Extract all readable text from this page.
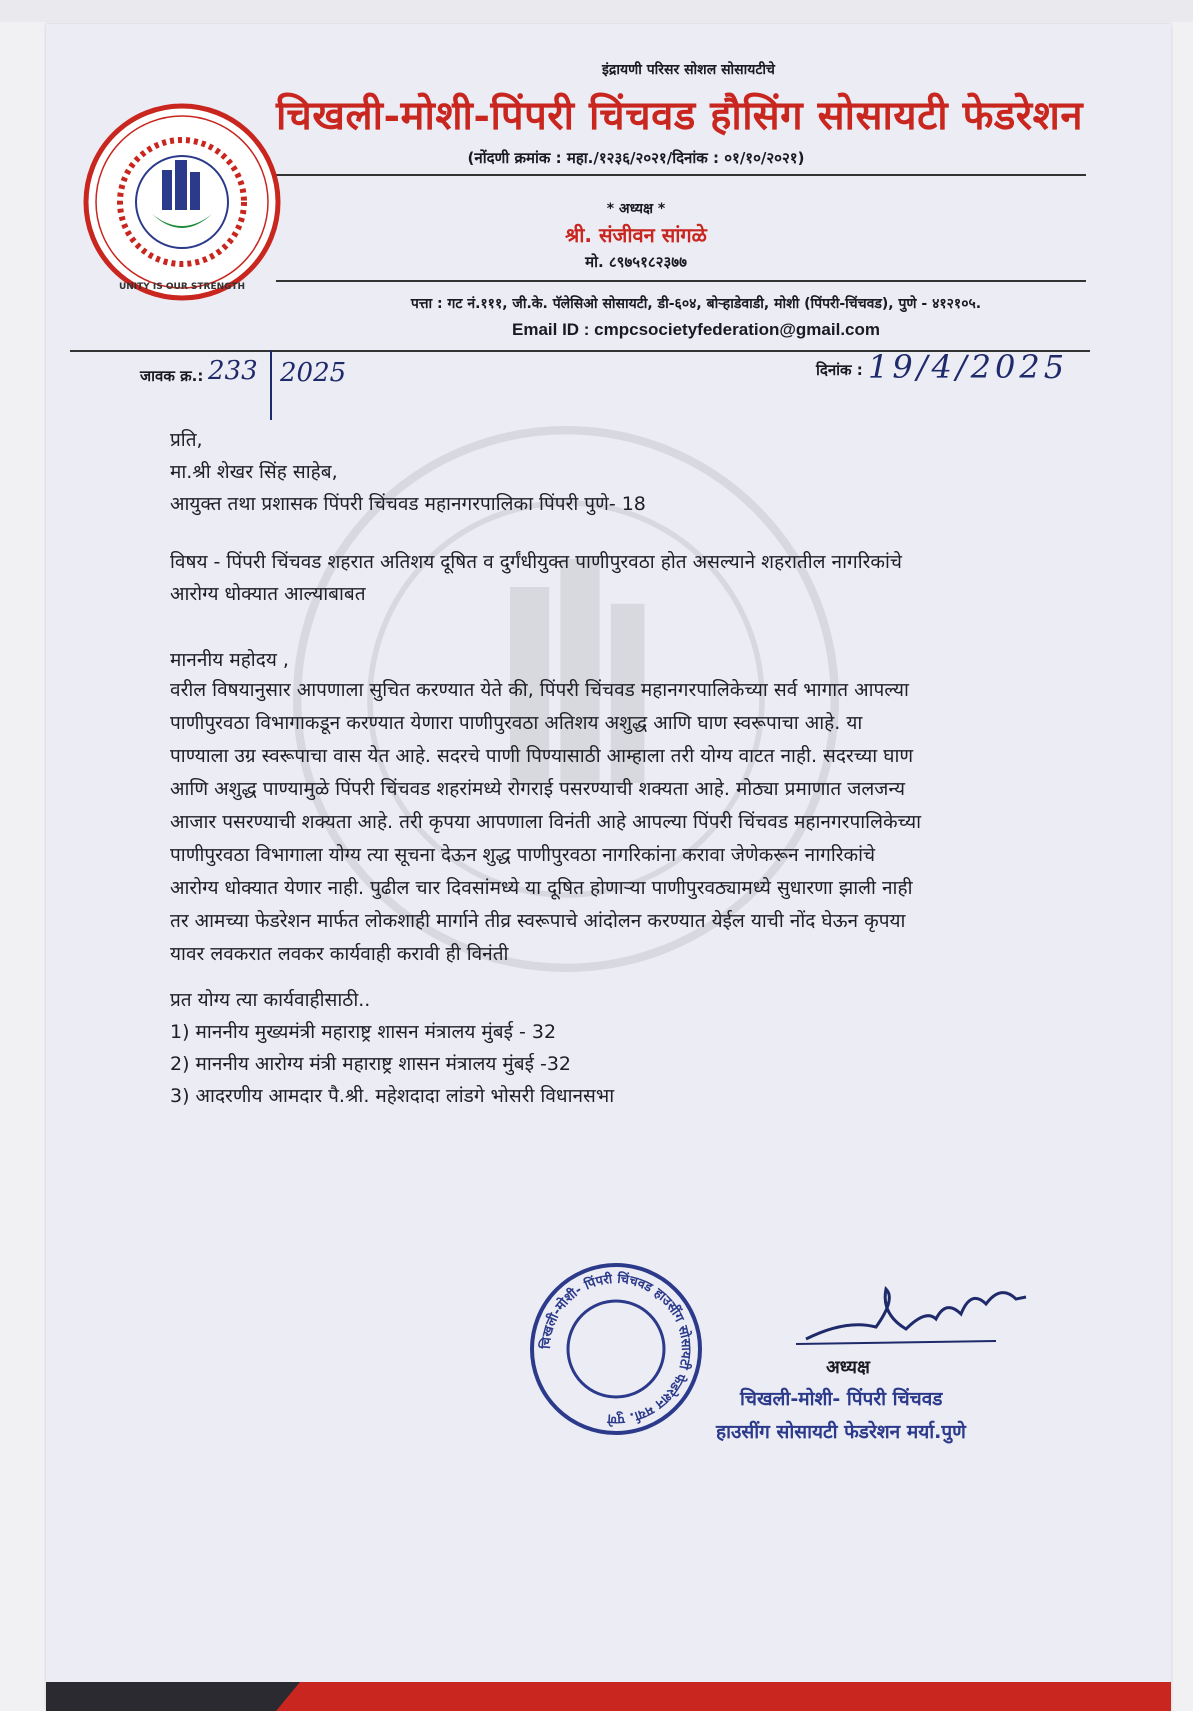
इंद्रायणी परिसर सोशल सोसायटीचे
चिखली-मोशी-पिंपरी चिंचवड हौसिंग सोसायटी फेडरेशन
(नोंदणी क्रमांक : महा./१२३६/२०२१/दिनांक : ०१/१०/२०२१)
* अध्यक्ष *
श्री. संजीवन सांगळे
मो. ८९७५१८२३७७
पत्ता : गट नं.१११, जी.के. पॅलेसिओ सोसायटी, डी-६०४, बोऱ्हाडेवाडी, मोशी (पिंपरी-चिंचवड), पुणे - ४१२१०५.
Email ID : cmpcsocietyfederation@gmail.com
UNITY IS OUR STRENGTH
जावक क्र.: 233 2025	दिनांक : 19/4/2025
प्रति,
मा.श्री शेखर सिंह साहेब,
आयुक्त तथा प्रशासक पिंपरी चिंचवड महानगरपालिका पिंपरी पुणे- 18
विषय - पिंपरी चिंचवड शहरात अतिशय दूषित व दुर्गंधीयुक्त पाणीपुरवठा होत असल्याने शहरातील नागरिकांचे
आरोग्य धोक्यात आल्याबाबत
माननीय महोदय ,
वरील विषयानुसार आपणाला सुचित करण्यात येते की, पिंपरी चिंचवड महानगरपालिकेच्या सर्व भागात आपल्या
पाणीपुरवठा विभागाकडून करण्यात येणारा पाणीपुरवठा अतिशय अशुद्ध आणि घाण स्वरूपाचा आहे. या
पाण्याला उग्र स्वरूपाचा वास येत आहे. सदरचे पाणी पिण्यासाठी आम्हाला तरी योग्य वाटत नाही. सदरच्या घाण
आणि अशुद्ध पाण्यामुळे पिंपरी चिंचवड शहरांमध्ये रोगराई पसरण्याची शक्यता आहे. मोठ्या प्रमाणात जलजन्य
आजार पसरण्याची शक्यता आहे. तरी कृपया आपणाला विनंती आहे आपल्या पिंपरी चिंचवड महानगरपालिकेच्या
पाणीपुरवठा विभागाला योग्य त्या सूचना देऊन शुद्ध पाणीपुरवठा नागरिकांना करावा जेणेकरून नागरिकांचे
आरोग्य धोक्यात येणार नाही. पुढील चार दिवसांमध्ये या दूषित होणाऱ्या पाणीपुरवठ्यामध्ये सुधारणा झाली नाही
तर आमच्या फेडरेशन मार्फत लोकशाही मार्गाने तीव्र स्वरूपाचे आंदोलन करण्यात येईल याची नोंद घेऊन कृपया
यावर लवकरात लवकर कार्यवाही करावी ही विनंती
प्रत योग्य त्या कार्यवाहीसाठी..
1) माननीय मुख्यमंत्री महाराष्ट्र शासन मंत्रालय मुंबई - 32
2) माननीय आरोग्य मंत्री महाराष्ट्र शासन मंत्रालय मुंबई -32
3) आदरणीय आमदार पै.श्री. महेशदादा लांडगे भोसरी विधानसभा
चिखली-मोशी- पिंपरी चिंचवड हाउसींग सोसायटी फेडरेशन मर्या. पुणे
अध्यक्ष
चिखली-मोशी- पिंपरी चिंचवड
हाउसींग सोसायटी फेडरेशन मर्या.पुणे
